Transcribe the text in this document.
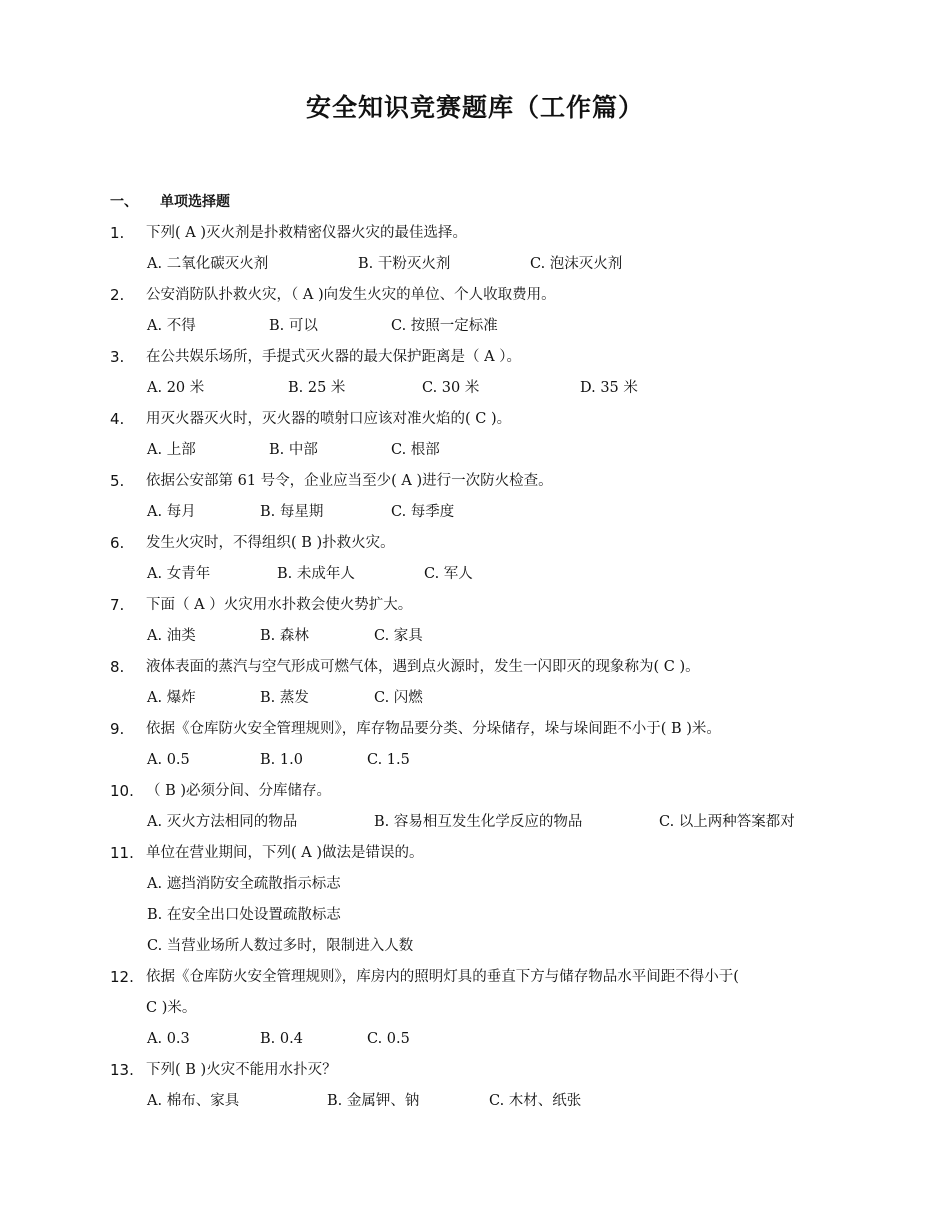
安全知识竞赛题库（工作篇）
一、 单项选择题
1. 下列( A )灭火剂是扑救精密仪器火灾的最佳选择。
A. 二氧化碳灭火剂	B. 干粉灭火剂	C. 泡沫灭火剂
2. 公安消防队扑救火灾，（ A )向发生火灾的单位、个人收取费用。
A. 不得	B. 可以	C. 按照一定标准
3. 在公共娱乐场所，手提式灭火器的最大保护距离是（ A ）。
A. 20 米	B. 25 米	C. 30 米	D. 35 米
4. 用灭火器灭火时，灭火器的喷射口应该对准火焰的( C )。
A. 上部	B. 中部	C. 根部
5. 依据公安部第 61 号令，企业应当至少( A )进行一次防火检查。
A. 每月	B. 每星期	C. 每季度
6. 发生火灾时，不得组织( B )扑救火灾。
A. 女青年	B. 未成年人	C. 军人
7. 下面（ A ）火灾用水扑救会使火势扩大。
A. 油类	B. 森林	C. 家具
8. 液体表面的蒸汽与空气形成可燃气体，遇到点火源时，发生一闪即灭的现象称为( C )。
A. 爆炸	B. 蒸发	C. 闪燃
9. 依据《仓库防火安全管理规则》，库存物品要分类、分垛储存，垛与垛间距不小于( B )米。
A. 0.5	B. 1.0	C. 1.5
10. （ B )必须分间、分库储存。
A. 灭火方法相同的物品	B. 容易相互发生化学反应的物品	C. 以上两种答案都对
11. 单位在营业期间，下列( A )做法是错误的。
A. 遮挡消防安全疏散指示标志
B. 在安全出口处设置疏散标志
C. 当营业场所人数过多时，限制进入人数
12. 依据《仓库防火安全管理规则》，库房内的照明灯具的垂直下方与储存物品水平间距不得小于(
C )米。
A. 0.3	B. 0.4	C. 0.5
13. 下列( B )火灾不能用水扑灭？
A. 棉布、家具	B. 金属钾、钠	C. 木材、纸张
